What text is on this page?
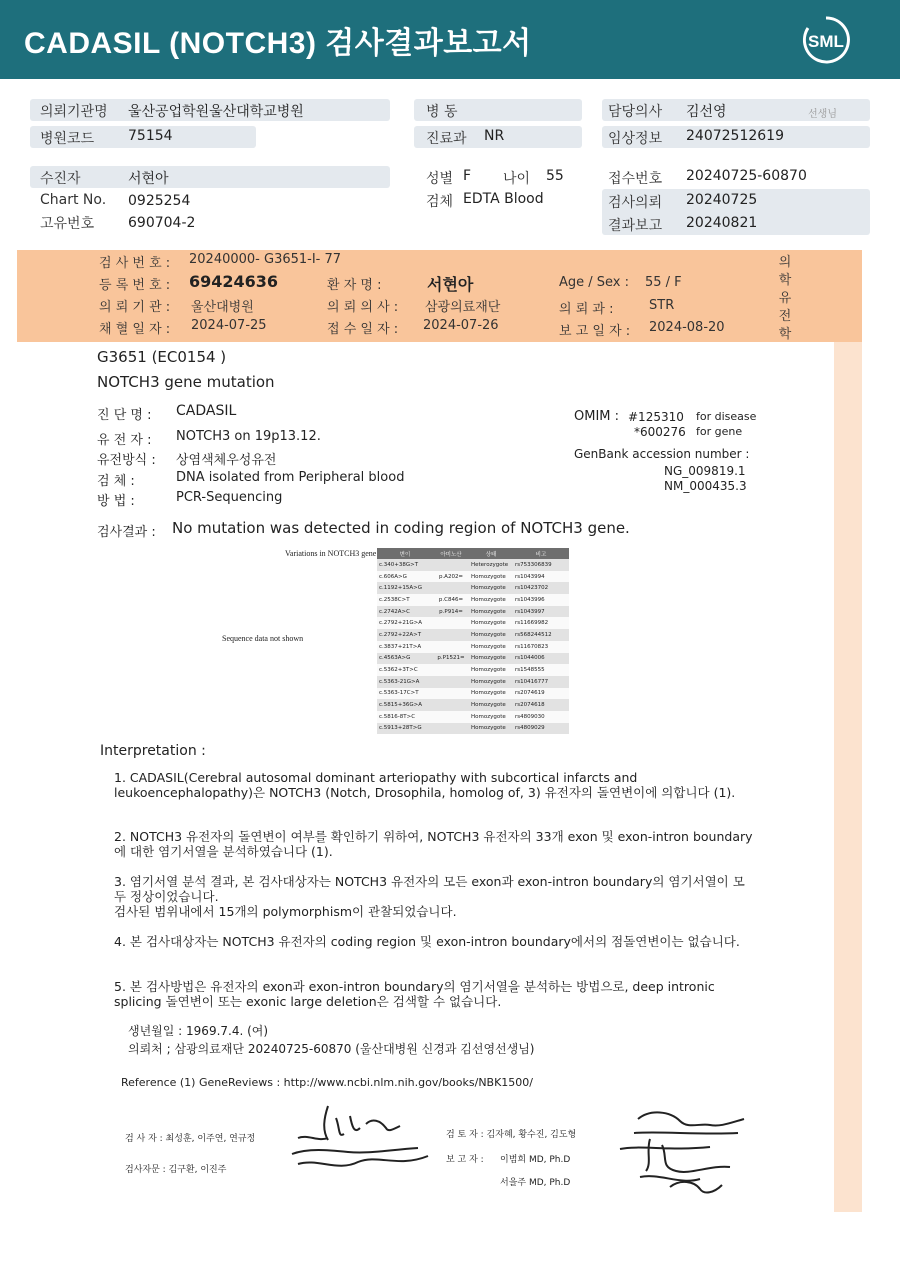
CADASIL (NOTCH3) 검사결과보고서	SML
의뢰기관명 울산공업학원울산대학교병원
병원코드 75154
병 동
진료과 NR
담당의사 김선영	선생님
임상정보 24072512619
수진자	서현아
Chart No. 0925254
고유번호 690704-2
성별 F 나이 55
검체 EDTA Blood
접수번호 20240725-60870
검사의뢰 20240725
결과보고 20240821
검 사 번 호 : 20240000- G3651-I- 77
등 록 번 호 : 69424636	환 자 명 :	서현아	Age / Sex : 55 / F
의 뢰 기 관 : 울산대병원	의 뢰 의 사 : 삼광의료재단	의 뢰 과 :	STR
채 혈 일 자 : 2024-07-25	접 수 일 자 : 2024-07-26	보 고 일 자 : 2024-08-20
의
학
유
전
학
G3651 (EC0154 )
NOTCH3 gene mutation
진 단 명 : CADASIL
유 전 자 : NOTCH3 on 19p13.12.
유전방식 : 상염색체우성유전
검 체 :	DNA isolated from Peripheral blood
방 법 :	PCR-Sequencing
OMIM : #125310 for disease
*600276 for gene
GenBank accession number :
NG_009819.1
NM_000435.3
검사결과 : No mutation was detected in coding region of NOTCH3 gene.
Variations in NOTCH3 gene
Sequence data not shown
변이	아미노산	상태	비고
c.340+38G>T		Heterozygote	rs753306839
c.606A>G	p.A202=	Homozygote	rs1043994
c.1192+15A>G		Homozygote	rs10423702
c.2538C>T	p.C846=	Homozygote	rs1043996
c.2742A>C	p.P914=	Homozygote	rs1043997
c.2792+21G>A		Homozygote	rs11669982
c.2792+22A>T		Homozygote	rs568244512
c.3837+21T>A		Homozygote	rs11670823
c.4563A>G	p.P1521=	Homozygote	rs1044006
c.5362+3T>C		Homozygote	rs1548555
c.5363-21G>A		Homozygote	rs10416777
c.5363-17C>T		Homozygote	rs2074619
c.5815+36G>A		Homozygote	rs2074618
c.5816-8T>C		Homozygote	rs4809030
c.5913+28T>G		Homozygote	rs4809029
Interpretation :
1. CADASIL(Cerebral autosomal dominant arteriopathy with subcortical infarcts and leukoencephalopathy)은 NOTCH3 (Notch, Drosophila, homolog of, 3) 유전자의 돌연변이에 의합니다 (1).
2. NOTCH3 유전자의 돌연변이 여부를 확인하기 위하여, NOTCH3 유전자의 33개 exon 및 exon-intron boundary에 대한 염기서열을 분석하였습니다 (1).
3. 염기서열 분석 결과, 본 검사대상자는 NOTCH3 유전자의 모든 exon과 exon-intron boundary의 염기서열이 모두 정상이었습니다.
검사된 범위내에서 15개의 polymorphism이 관찰되었습니다.
4. 본 검사대상자는 NOTCH3 유전자의 coding region 및 exon-intron boundary에서의 점돌연변이는 없습니다.
5. 본 검사방법은 유전자의 exon과 exon-intron boundary의 염기서열을 분석하는 방법으로, deep intronic splicing 돌연변이 또는 exonic large deletion은 검색할 수 없습니다.
생년월일 : 1969.7.4. (여)
의뢰처 ; 삼광의료재단 20240725-60870 (울산대병원 신경과 김선영선생님)
Reference (1) GeneReviews : http://www.ncbi.nlm.nih.gov/books/NBK1500/
검 사 자 : 최성훈, 이주연, 연규정
검사자문 : 김구환, 이진주
검 토 자 : 김자혜, 황수진, 김도형
보 고 자 : 이범희 MD, Ph.D
서을주 MD, Ph.D
